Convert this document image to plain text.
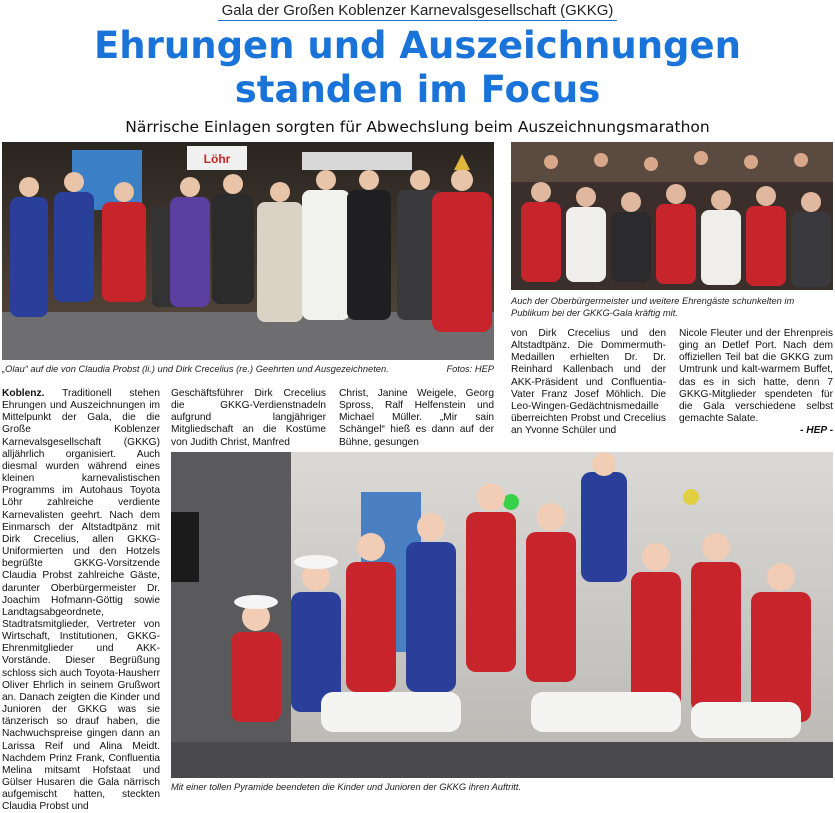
Gala der Großen Koblenzer Karnevalsgesellschaft (GKKG)
Ehrungen und Auszeichnungen
standen im Focus
Närrische Einlagen sorgten für Abwechslung beim Auszeichnungsmarathon
Löhr
„Olau“ auf die von Claudia Probst (li.) und Dirk Crecelius (re.) Geehrten und Ausgezeichneten.	Fotos: HEP
Auch der Oberbürgermeister und weitere Ehrengäste schunkelten im Publikum bei der GKKG-Gala kräftig mit.
Koblenz. Traditionell stehen Ehrungen und Auszeichnungen im Mittelpunkt der Gala, die die Große Koblenzer Karnevalsgesellschaft (GKKG) alljährlich organisiert. Auch diesmal wurden während eines kleinen karnevalistischen Programms im Autohaus Toyota Löhr zahlreiche verdiente Karnevalisten geehrt. Nach dem Einmarsch der Altstadtpänz mit Dirk Crecelius, allen GKKG-Uniformierten und den Hotzels begrüßte GKKG-Vorsitzende Claudia Probst zahlreiche Gäste, darunter Oberbürgermeister Dr. Joachim Hofmann-Göttig sowie Landtagsabgeordnete, Stadtratsmitglieder, Vertreter von Wirtschaft, Institutionen, GKKG-Ehrenmitglieder und AKK-Vorstände. Dieser Begrüßung schloss sich auch Toyota-Hausherr Oliver Ehrlich in seinem Grußwort an. Danach zeigten die Kinder und Junioren der GKKG was sie tänzerisch so drauf haben, die Nachwuchspreise gingen dann an Larissa Reif und Alina Meidt. Nachdem Prinz Frank, Confluentia Melina mitsamt Hofstaat und Gülser Husaren die Gala närrisch aufgemischt hatten, steckten Claudia Probst und
Geschäftsführer Dirk Crecelius die GKKG-Verdienstnadeln aufgrund langjähriger Mitgliedschaft an die Kostüme von Judith Christ, Manfred
Christ, Janine Weigele, Georg Spross, Ralf Helfenstein und Michael Müller. „Mir sain Schängel“ hieß es dann auf der Bühne, gesungen
von Dirk Crecelius und den Altstadtpänz. Die Dommermuth-Medaillen erhielten Dr. Dr. Reinhard Kallenbach und der AKK-Präsident und Confluentia-Vater Franz Josef Möhlich. Die Leo-Wingen-Gedächtnismedaille überreichten Probst und Crecelius an Yvonne Schüler und
Nicole Fleuter und der Ehrenpreis ging an Detlef Port. Nach dem offiziellen Teil bat die GKKG zum Umtrunk und kalt-warmem Buffet, das es in sich hatte, denn 7 GKKG-Mitglieder spendeten für die Gala verschiedene selbst gemachte Salate.
- HEP -
Mit einer tollen Pyramide beendeten die Kinder und Junioren der GKKG ihren Auftritt.
